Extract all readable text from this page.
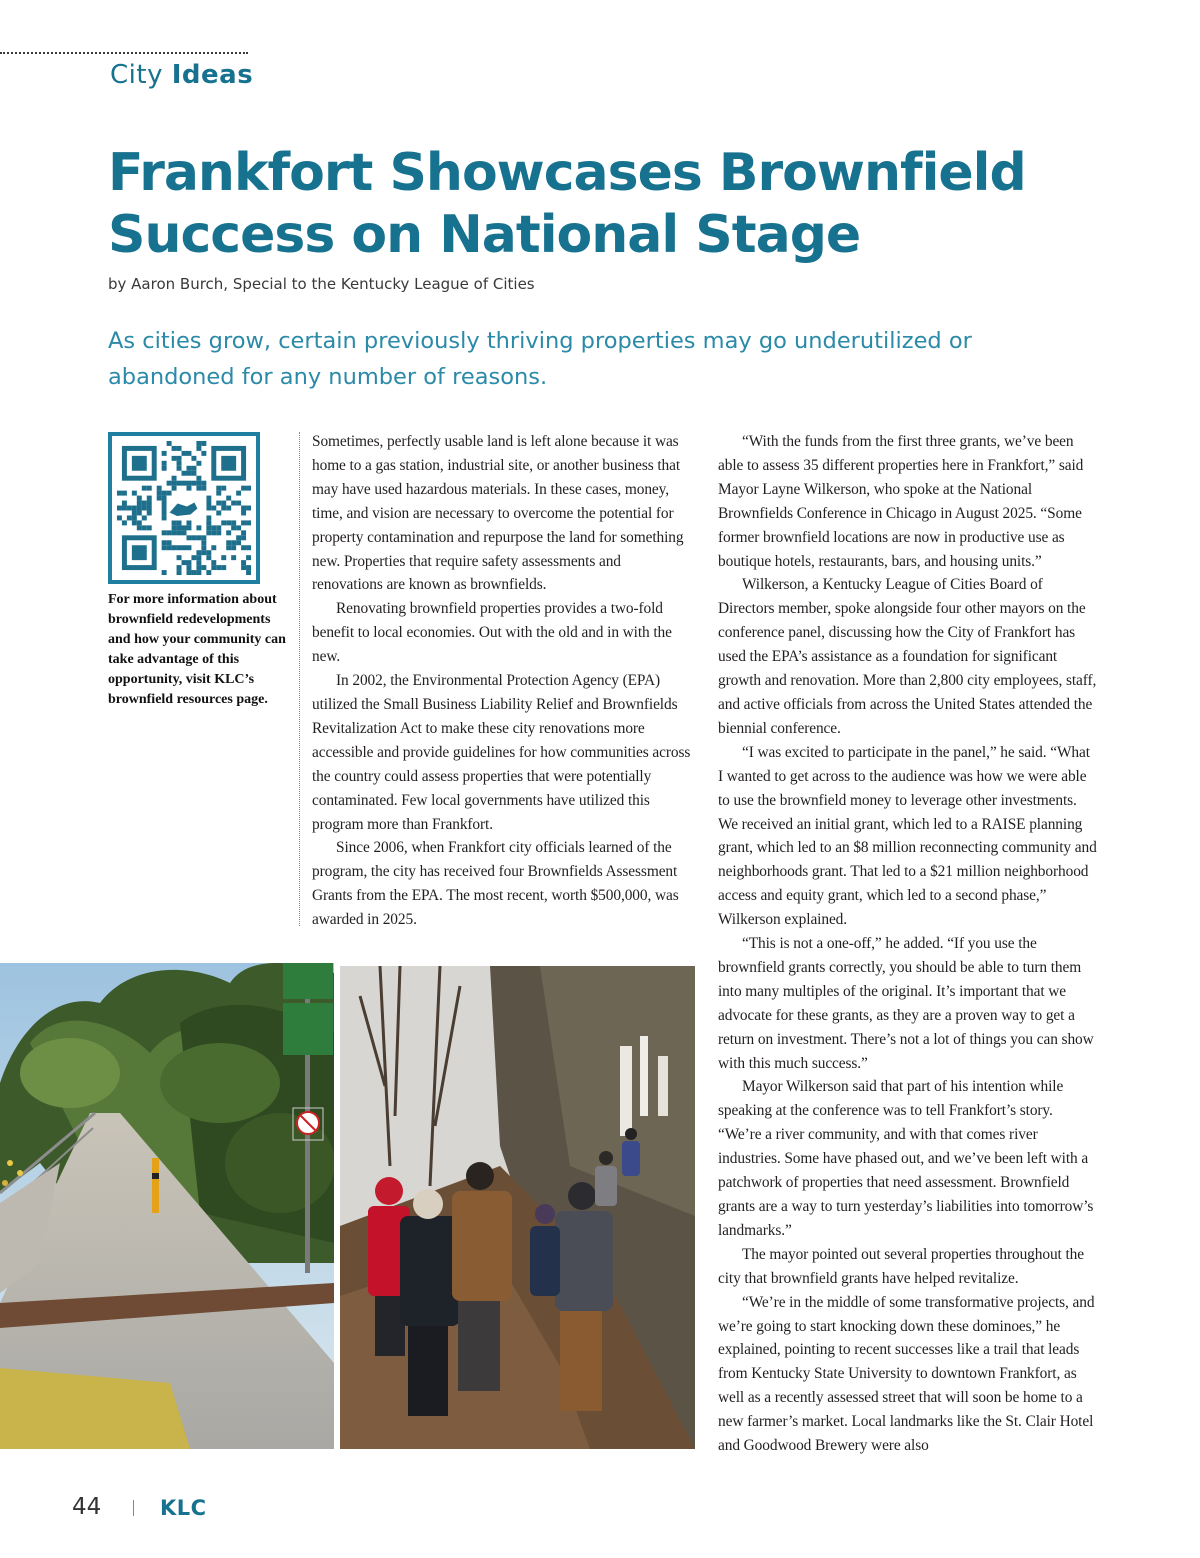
City Ideas
Frankfort Showcases Brownfield
Success on National Stage
by Aaron Burch, Special to the Kentucky League of Cities

As cities grow, certain previously thriving properties may go underutilized or
abandoned for any number of reasons.

For more information about brownfield redevelopments and how your community can take advantage of this opportunity, visit KLC’s brownfield resources page.

Sometimes, perfectly usable land is left alone because it was home to a gas station, industrial site, or another business that may have used hazardous materials. In these cases, money, time, and vision are necessary to overcome the potential for property contamination and repurpose the land for something new. Properties that require safety assessments and renovations are known as brownfields.

Renovating brownfield properties provides a two-fold benefit to local economies. Out with the old and in with the new.

In 2002, the Environmental Protection Agency (EPA) utilized the Small Business Liability Relief and Brownfields Revitalization Act to make these city renovations more accessible and provide guidelines for how communities across the country could assess properties that were potentially contaminated. Few local governments have utilized this program more than Frankfort.

Since 2006, when Frankfort city officials learned of the program, the city has received four Brownfields Assessment Grants from the EPA. The most recent, worth $500,000, was awarded in 2025.

“With the funds from the first three grants, we’ve been able to assess 35 different properties here in Frankfort,” said Mayor Layne Wilkerson, who spoke at the National Brownfields Conference in Chicago in August 2025. “Some former brownfield locations are now in productive use as boutique hotels, restaurants, bars, and housing units.”

Wilkerson, a Kentucky League of Cities Board of Directors member, spoke alongside four other mayors on the conference panel, discussing how the City of Frankfort has used the EPA’s assistance as a foundation for significant growth and renovation. More than 2,800 city employees, staff, and active officials from across the United States attended the biennial conference.

“I was excited to participate in the panel,” he said. “What I wanted to get across to the audience was how we were able to use the brownfield money to leverage other investments. We received an initial grant, which led to a RAISE planning grant, which led to an $8 million reconnecting community and neighborhoods grant. That led to a $21 million neighborhood access and equity grant, which led to a second phase,” Wilkerson explained.

“This is not a one-off,” he added. “If you use the brownfield grants correctly, you should be able to turn them into many multiples of the original. It’s important that we advocate for these grants, as they are a proven way to get a return on investment. There’s not a lot of things you can show with this much success.”

Mayor Wilkerson said that part of his intention while speaking at the conference was to tell Frankfort’s story. “We’re a river community, and with that comes river industries. Some have phased out, and we’ve been left with a patchwork of properties that need assessment. Brownfield grants are a way to turn yesterday’s liabilities into tomorrow’s landmarks.”

The mayor pointed out several properties throughout the city that brownfield grants have helped revitalize.

“We’re in the middle of some transformative projects, and we’re going to start knocking down these dominoes,” he explained, pointing to recent successes like a trail that leads from Kentucky State University to downtown Frankfort, as well as a recently assessed street that will soon be home to a new farmer’s market. Local landmarks like the St. Clair Hotel and Goodwood Brewery were also

44	KLC
